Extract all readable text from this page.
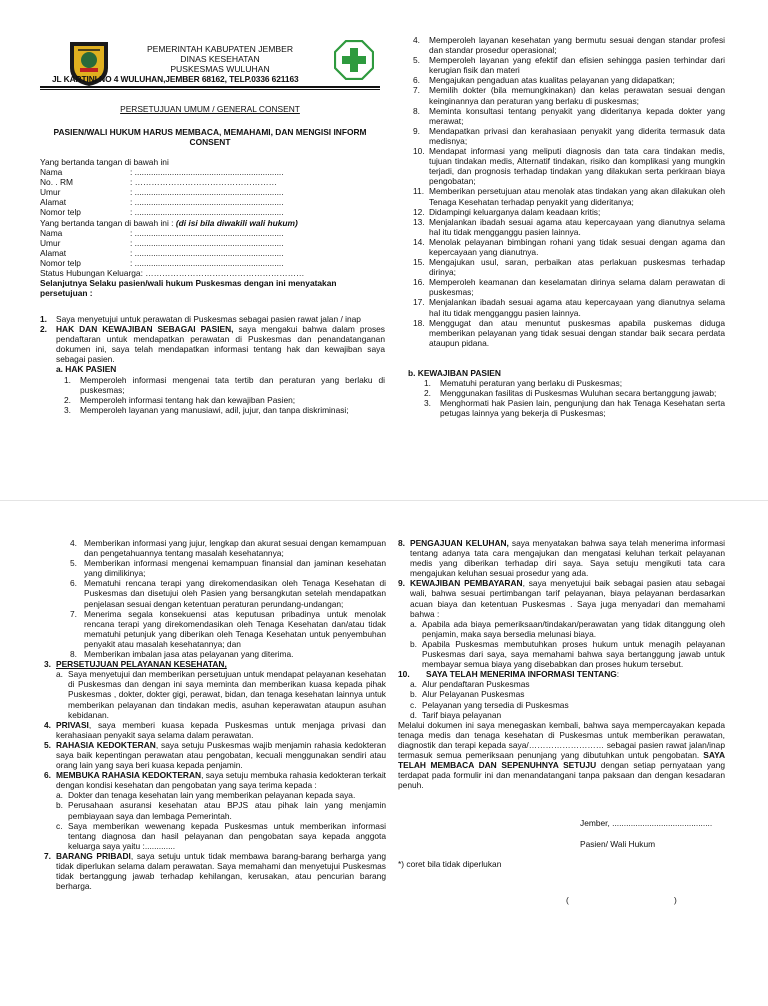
PEMERINTAH KABUPATEN JEMBER

DINAS KESEHATAN

PUSKESMAS WULUHAN

JL KARTINI NO 4 WULUHAN,JEMBER 68162, TELP.0336 621163
PERSETUJUAN UMUM / GENERAL CONSENT
PASIEN/WALI HUKUM HARUS MEMBACA, MEMAHAMI, DAN MENGISI INFORM CONSENT

Yang bertanda tangan di bawah ini

Nama	: ................................................................
No. . RM	: ……………………………………………
Umur	: ................................................................
Alamat	: ................................................................
Nomor telp	: ................................................................

Yang bertanda tangan di bawah ini : (di isi bila diwakili wali hukum)

Nama	: ................................................................
Umur	: ................................................................
Alamat	: ................................................................
Nomor telp	: ................................................................

Status Hubungan Keluarga: …………………………………………………

Selanjutnya Selaku pasien/wali hukum Puskesmas dengan ini menyatakan persetujuan :

1.	Saya menyetujui untuk perawatan di Puskesmas sebagai pasien rawat jalan / inap
2.	HAK DAN KEWAJIBAN SEBAGAI PASIEN, saya mengakui bahwa dalam proses pendaftaran untuk mendapatkan perawatan di Puskesmas dan penandatanganan dokumen ini, saya telah mendapatkan informasi tentang hak dan kewajiban saya sebagai pasien.

a. HAK PASIEN

1.	Memperoleh informasi mengenai tata tertib dan peraturan yang berlaku di puskesmas;
2.	Memperoleh informasi tentang hak dan kewajiban Pasien;
3.	Memperoleh layanan yang manusiawi, adil, jujur, dan tanpa diskriminasi;
4.	Memperoleh layanan kesehatan yang bermutu sesuai dengan standar profesi dan standar prosedur operasional;
5.	Memperoleh layanan yang efektif dan efisien sehingga pasien terhindar dari kerugian fisik dan materi
6.	Mengajukan pengaduan atas kualitas pelayanan yang didapatkan;
7.	Memilih dokter (bila memungkinakan) dan kelas perawatan sesuai dengan keinginannya dan peraturan yang berlaku di puskesmas;
8.	Meminta konsultasi tentang penyakit yang dideritanya kepada dokter yang merawat;
9.	Mendapatkan privasi dan kerahasiaan penyakit yang diderita termasuk data medisnya;
10. Mendapat informasi yang meliputi diagnosis dan tata cara tindakan medis, tujuan tindakan medis, Alternatif tindakan, risiko dan komplikasi yang mungkin terjadi, dan prognosis terhadap tindakan yang dilakukan serta perkiraan biaya pengobatan;
11. Memberikan persetujuan atau menolak atas tindakan yang akan dilakukan oleh Tenaga Kesehatan terhadap penyakit yang dideritanya;
12. Didampingi keluarganya dalam keadaan kritis;
13. Menjalankan ibadah sesuai agama atau kepercayaan yang dianutnya selama hal itu tidak mengganggu pasien lainnya.
14. Menolak pelayanan bimbingan rohani yang tidak sesuai dengan agama dan kepercayaan yang dianutnya.
15. Mengajukan usul, saran, perbaikan atas perlakuan puskesmas terhadap dirinya;
16. Memperoleh keamanan dan keselamatan dirinya selama dalam perawatan di puskesmas;
17. Menjalankan ibadah sesuai agama atau kepercayaan yang dianutnya selama hal itu tidak mengganggu pasien lainnya.
18. Menggugat dan atau menuntut puskesmas apabila puskemas diduga memberikan pelayanan yang tidak sesuai dengan standar baik secara perdata ataupun pidana.

b. KEWAJIBAN PASIEN

1.	Mematuhi peraturan yang berlaku di Puskesmas;
2.	Menggunakan fasilitas di Puskesmas Wuluhan secara bertanggung jawab;
3.	Menghormati hak Pasien lain, pengunjung dan hak Tenaga Kesehatan serta petugas lainnya yang bekerja di Puskesmas;
4. Memberikan informasi yang jujur, lengkap dan akurat sesuai dengan kemampuan dan pengetahuannya tentang masalah kesehatannya;
5. Memberikan informasi mengenai kemampuan finansial dan jaminan kesehatan yang dimilikinya;
6. Mematuhi rencana terapi yang direkomendasikan oleh Tenaga Kesehatan di Puskesmas dan disetujui oleh Pasien yang bersangkutan setelah mendapatkan penjelasan sesuai dengan ketentuan peraturan perundang-undangan;
7. Menerima segala konsekuensi atas keputusan pribadinya untuk menolak rencana terapi yang direkomendasikan oleh Tenaga Kesehatan dan/atau tidak mematuhi petunjuk yang diberikan oleh Tenaga Kesehatan untuk penyembuhan penyakit atau masalah kesehatannya; dan
8. Memberikan imbalan jasa atas pelayanan yang diterima.
3. PERSETUJUAN PELAYANAN KESEHATAN,
a. Saya menyetujui dan memberikan persetujuan untuk mendapat pelayanan kesehatan di Puskesmas dan dengan ini saya meminta dan memberikan kuasa kepada pihak Puskesmas , dokter, dokter gigi, perawat, bidan, dan tenaga kesehatan lainnya untuk memberikan pelayanan dan tindakan medis, asuhan keperawatan ataupun asuhan kebidanan.
4. PRIVASI, saya memberi kuasa kepada Puskesmas untuk menjaga privasi dan kerahasiaan penyakit saya selama dalam perawatan.
5. RAHASIA KEDOKTERAN, saya setuju Puskesmas wajib menjamin rahasia kedokteran saya baik kepentingan perawatan atau pengobatan, kecuali menggunakan sendiri atau orang lain yang saya beri kuasa kepada penjamin.
6. MEMBUKA RAHASIA KEDOKTERAN, saya setuju membuka rahasia kedokteran terkait dengan kondisi kesehatan dan pengobatan yang saya terima kepada :
a. Dokter dan tenaga kesehatan lain yang memberikan pelayanan kepada saya.
b. Perusahaan asuransi kesehatan atau BPJS atau pihak lain yang menjamin pembiayaan saya dan lembaga Pemerintah.
c. Saya memberikan wewenang kepada Puskesmas untuk memberikan informasi tentang diagnosa dan hasil pelayanan dan pengobatan saya kepada anggota keluarga saya yaitu :.............
7. BARANG PRIBADI, saya setuju untuk tidak membawa barang-barang berharga yang tidak diperlukan selama dalam perawatan. Saya memahami dan menyetujui Puskesmas tidak bertanggung jawab terhadap kehilangan, kerusakan, atau pencurian barang berharga.
8. PENGAJUAN KELUHAN, saya menyatakan bahwa saya telah menerima informasi tentang adanya tata cara mengajukan dan mengatasi keluhan terkait pelayanan medis yang diberikan terhadap diri saya. Saya setuju mengikuti tata cara mengajukan keluhan sesuai prosedur yang ada.
9. KEWAJIBAN PEMBAYARAN, saya menyetujui baik sebagai pasien atau sebagai wali, bahwa sesuai pertimbangan tarif pelayanan, biaya pelayanan berdasarkan acuan biaya dan ketentuan Puskesmas . Saya juga menyadari dan memahami bahwa :
a. Apabila ada biaya pemeriksaan/tindakan/perawatan yang tidak ditanggung oleh penjamin, maka saya bersedia melunasi biaya.
b. Apabila Puskesmas membutuhkan proses hukum untuk menagih pelayanan Puskesmas dari saya, saya memahami bahwa saya bertanggung jawab untuk membayar semua biaya yang disebabkan dan proses hukum tersebut.
10.	SAYA TELAH MENERIMA INFORMASI TENTANG:
a. Alur pendaftaran Puskesmas
b. Alur Pelayanan Puskesmas
c. Pelayanan yang tersedia di Puskesmas
d. Tarif biaya pelayanan

Melalui dokumen ini saya menegaskan kembali, bahwa saya mempercayakan kepada tenaga medis dan tenaga kesehatan di Puskesmas untuk memberikan perawatan, diagnostik dan terapi kepada saya/……………………… sebagai pasien rawat jalan/inap termasuk semua pemeriksaan penunjang yang dibutuhkan untuk pengobatan. SAYA TELAH MEMBACA DAN SEPENUHNYA SETUJU dengan setiap pernyataan yang terdapat pada formulir ini dan menandatangani tanpa paksaan dan dengan kesadaran penuh.

Jember, ...........................................
Pasien/ Wali Hukum
*) coret bila tidak diperlukan
(	)
